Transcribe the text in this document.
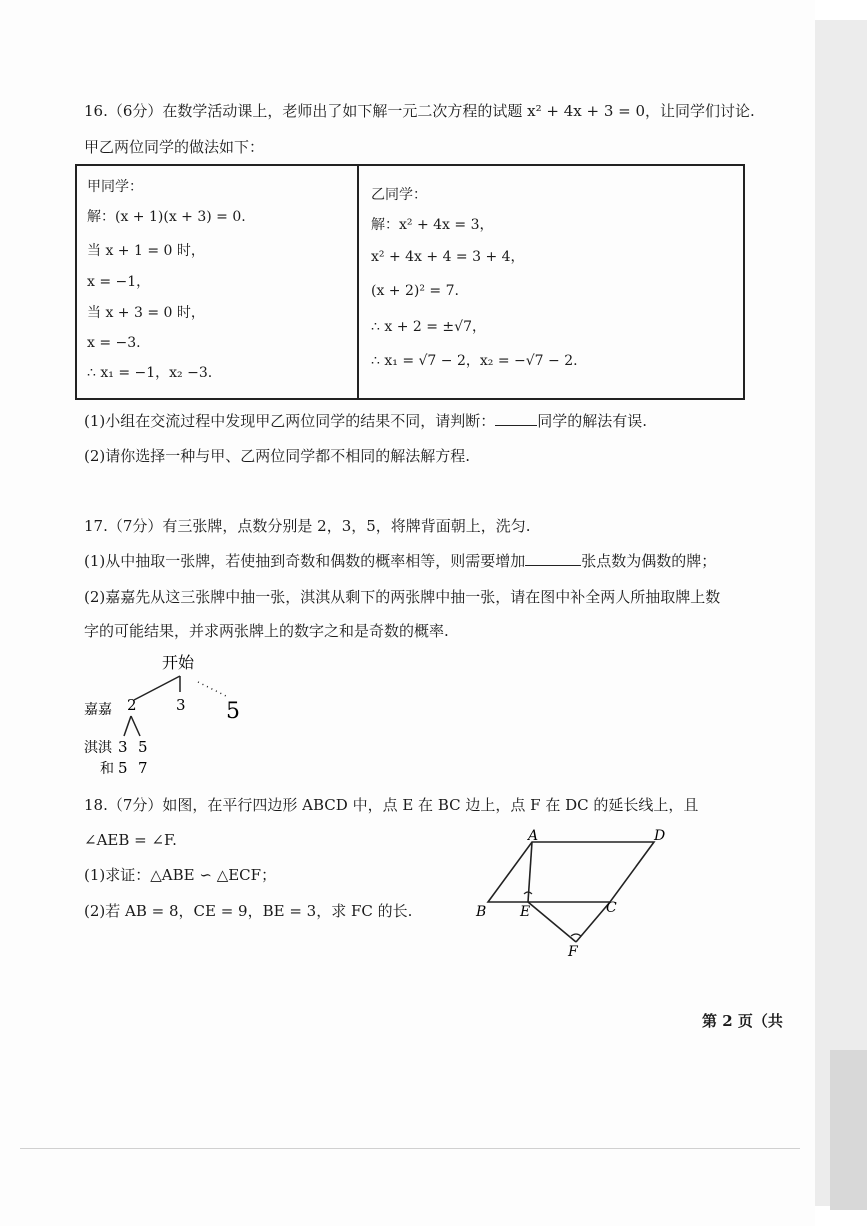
16.（6分）在数学活动课上，老师出了如下解一元二次方程的试题 x² + 4x + 3 = 0，让同学们讨论.
甲乙两位同学的做法如下：
甲同学：
解：(x + 1)(x + 3) = 0.
当 x + 1 = 0 时，
x = −1，
当 x + 3 = 0 时，
x = −3.
∴ x₁ = −1，x₂ −3.
乙同学：
解：x² + 4x = 3，
x² + 4x + 4 = 3 + 4，
(x + 2)² = 7.
∴ x + 2 = ±√7，
∴ x₁ = √7 − 2，x₂ = −√7 − 2.
(1)小组在交流过程中发现甲乙两位同学的结果不同，请判断：	同学的解法有误.
(2)请你选择一种与甲、乙两位同学都不相同的解法解方程.
17.（7分）有三张牌，点数分别是 2，3，5，将牌背面朝上，洗匀.
(1)从中抽取一张牌，若使抽到奇数和偶数的概率相等，则需要增加	张点数为偶数的牌；
(2)嘉嘉先从这三张牌中抽一张，淇淇从剩下的两张牌中抽一张，请在图中补全两人所抽取牌上数
字的可能结果，并求两张牌上的数字之和是奇数的概率.
开始
嘉嘉 2	3 5
淇淇 3 5
和 5 7
18.（7分）如图，在平行四边形 ABCD 中，点 E 在 BC 边上，点 F 在 DC 的延长线上，且
∠AEB = ∠F.
(1)求证：△ABE ∽ △ECF；
(2)若 AB = 8，CE = 9，BE = 3，求 FC 的长.
A	D
B E	C
F
第 2 页（共
